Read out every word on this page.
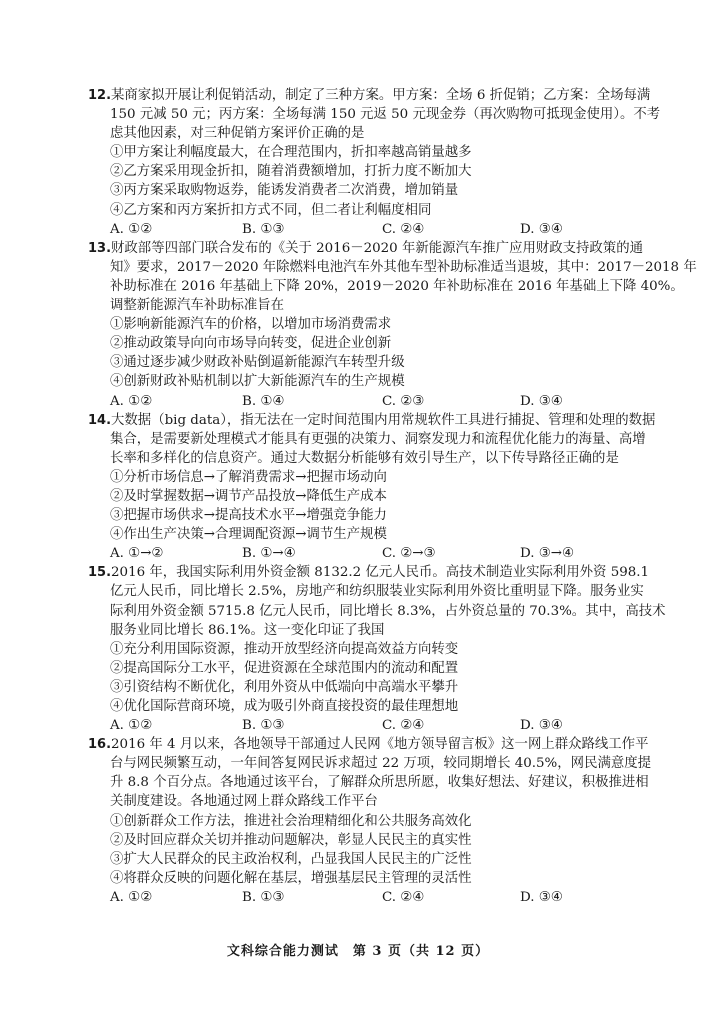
12.某商家拟开展让利促销活动，制定了三种方案。甲方案：全场 6 折促销；乙方案：全场每满
150 元减 50 元；丙方案：全场每满 150 元返 50 元现金券（再次购物可抵现金使用）。不考
虑其他因素，对三种促销方案评价正确的是
①甲方案让利幅度最大，在合理范围内，折扣率越高销量越多
②乙方案采用现金折扣，随着消费额增加，打折力度不断加大
③丙方案采取购物返券，能诱发消费者二次消费，增加销量
④乙方案和丙方案折扣方式不同，但二者让利幅度相同
A. ①②	B. ①③	C. ②④	D. ③④
13.财政部等四部门联合发布的《关于 2016－2020 年新能源汽车推广应用财政支持政策的通
知》要求，2017－2020 年除燃料电池汽车外其他车型补助标准适当退坡，其中：2017－2018 年
补助标准在 2016 年基础上下降 20%，2019－2020 年补助标准在 2016 年基础上下降 40%。
调整新能源汽车补助标准旨在
①影响新能源汽车的价格，以增加市场消费需求
②推动政策导向向市场导向转变，促进企业创新
③通过逐步减少财政补贴倒逼新能源汽车转型升级
④创新财政补贴机制以扩大新能源汽车的生产规模
A. ①②	B. ①④	C. ②③	D. ③④
14.大数据（big data），指无法在一定时间范围内用常规软件工具进行捕捉、管理和处理的数据
集合，是需要新处理模式才能具有更强的决策力、洞察发现力和流程优化能力的海量、高增
长率和多样化的信息资产。通过大数据分析能够有效引导生产，以下传导路径正确的是
①分析市场信息→了解消费需求→把握市场动向
②及时掌握数据→调节产品投放→降低生产成本
③把握市场供求→提高技术水平→增强竞争能力
④作出生产决策→合理调配资源→调节生产规模
A. ①→②	B. ①→④	C. ②→③	D. ③→④
15.2016 年，我国实际利用外资金额 8132.2 亿元人民币。高技术制造业实际利用外资 598.1
亿元人民币，同比增长 2.5%，房地产和纺织服装业实际利用外资比重明显下降。服务业实
际利用外资金额 5715.8 亿元人民币，同比增长 8.3%，占外资总量的 70.3%。其中，高技术
服务业同比增长 86.1%。这一变化印证了我国
①充分利用国际资源，推动开放型经济向提高效益方向转变
②提高国际分工水平，促进资源在全球范围内的流动和配置
③引资结构不断优化，利用外资从中低端向中高端水平攀升
④优化国际营商环境，成为吸引外商直接投资的最佳理想地
A. ①②	B. ①③	C. ②④	D. ③④
16.2016 年 4 月以来，各地领导干部通过人民网《地方领导留言板》这一网上群众路线工作平
台与网民频繁互动，一年间答复网民诉求超过 22 万项，较同期增长 40.5%，网民满意度提
升 8.8 个百分点。各地通过该平台，了解群众所思所愿，收集好想法、好建议，积极推进相
关制度建设。各地通过网上群众路线工作平台
①创新群众工作方法，推进社会治理精细化和公共服务高效化
②及时回应群众关切并推动问题解决，彰显人民民主的真实性
③扩大人民群众的民主政治权利，凸显我国人民民主的广泛性
④将群众反映的问题化解在基层，增强基层民主管理的灵活性
A. ①②	B. ①③	C. ②④	D. ③④
文科综合能力测试　第 3 页（共 12 页）
